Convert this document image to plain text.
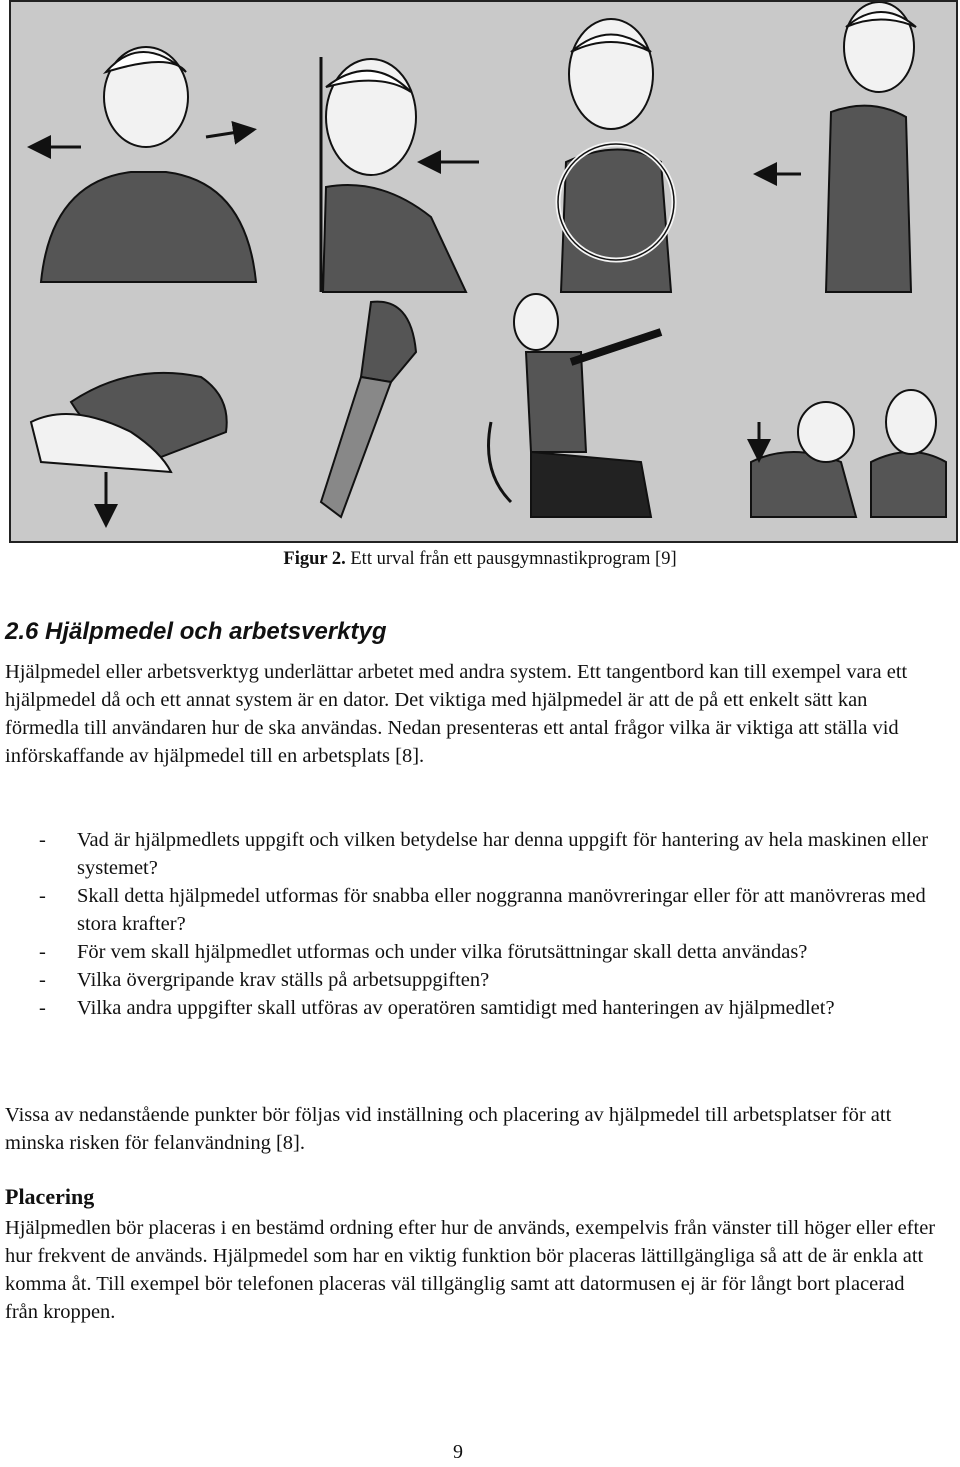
Figur 2. Ett urval från ett pausgymnastikprogram [9]
2.6 Hjälpmedel och arbetsverktyg

Hjälpmedel eller arbetsverktyg underlättar arbetet med andra system. Ett tangentbord kan till exempel vara ett hjälpmedel då och ett annat system är en dator. Det viktiga med hjälpmedel är att de på ett enkelt sätt kan förmedla till användaren hur de ska användas. Nedan presenteras ett antal frågor vilka är viktiga att ställa vid införskaffande av hjälpmedel till en arbetsplats [8].

- Vad är hjälpmedlets uppgift och vilken betydelse har denna uppgift för hantering av hela maskinen eller systemet?
- Skall detta hjälpmedel utformas för snabba eller noggranna manövreringar eller för att manövreras med stora krafter?
- För vem skall hjälpmedlet utformas och under vilka förutsättningar skall detta användas?
- Vilka övergripande krav ställs på arbetsuppgiften?
- Vilka andra uppgifter skall utföras av operatören samtidigt med hanteringen av hjälpmedlet?

Vissa av nedanstående punkter bör följas vid inställning och placering av hjälpmedel till arbetsplatser för att minska risken för felanvändning [8].

Placering

Hjälpmedlen bör placeras i en bestämd ordning efter hur de används, exempelvis från vänster till höger eller efter hur frekvent de används. Hjälpmedel som har en viktig funktion bör placeras lättillgängliga så att de är enkla att komma åt. Till exempel bör telefonen placeras väl tillgänglig samt att datormusen ej är för långt bort placerad från kroppen.

9
